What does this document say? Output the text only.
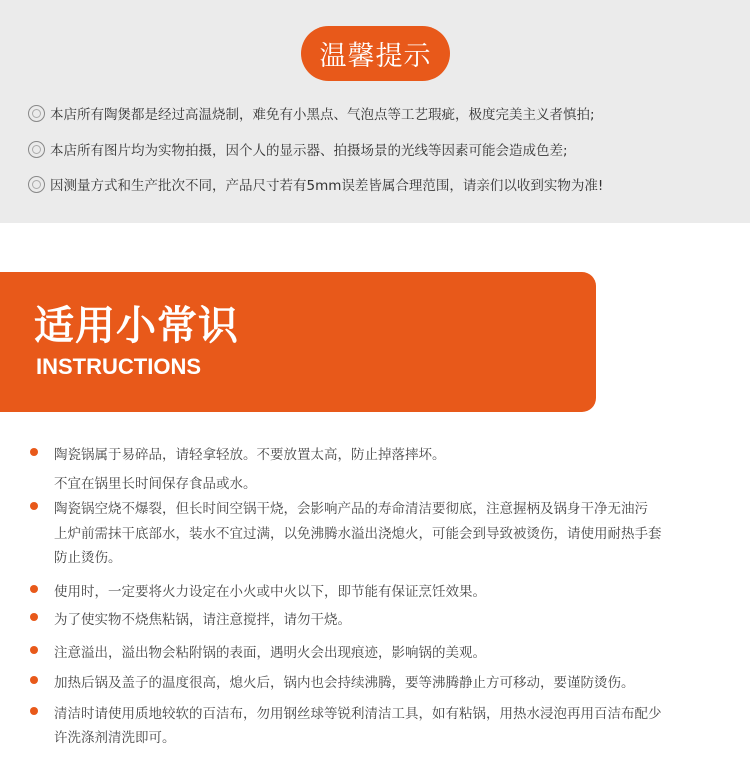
温馨提示
本店所有陶煲都是经过高温烧制，难免有小黑点、气泡点等工艺瑕疵，极度完美主义者慎拍;
本店所有图片均为实物拍摄，因个人的显示器、拍摄场景的光线等因素可能会造成色差;
因测量方式和生产批次不同，产品尺寸若有5mm误差皆属合理范围，请亲们以收到实物为准!
适用小常识
INSTRUCTIONS
陶瓷锅属于易碎品，请轻拿轻放。不要放置太高，防止掉落摔坏。
不宜在锅里长时间保存食品或水。
陶瓷锅空烧不爆裂，但长时间空锅干烧，会影响产品的寿命清洁要彻底，注意握柄及锅身干净无油污
上炉前需抹干底部水，装水不宜过满，以免沸腾水溢出浇熄火，可能会到导致被烫伤，请使用耐热手套
防止烫伤。
使用时，一定要将火力设定在小火或中火以下，即节能有保证烹饪效果。
为了使实物不烧焦粘锅，请注意搅拌，请勿干烧。
注意溢出，溢出物会粘附锅的表面，遇明火会出现痕迹，影响锅的美观。
加热后锅及盖子的温度很高，熄火后，锅内也会持续沸腾，要等沸腾静止方可移动，要谨防烫伤。
清洁时请使用质地较软的百洁布，勿用钢丝球等锐利清洁工具，如有粘锅，用热水浸泡再用百洁布配少
许洗涤剂清洗即可。
